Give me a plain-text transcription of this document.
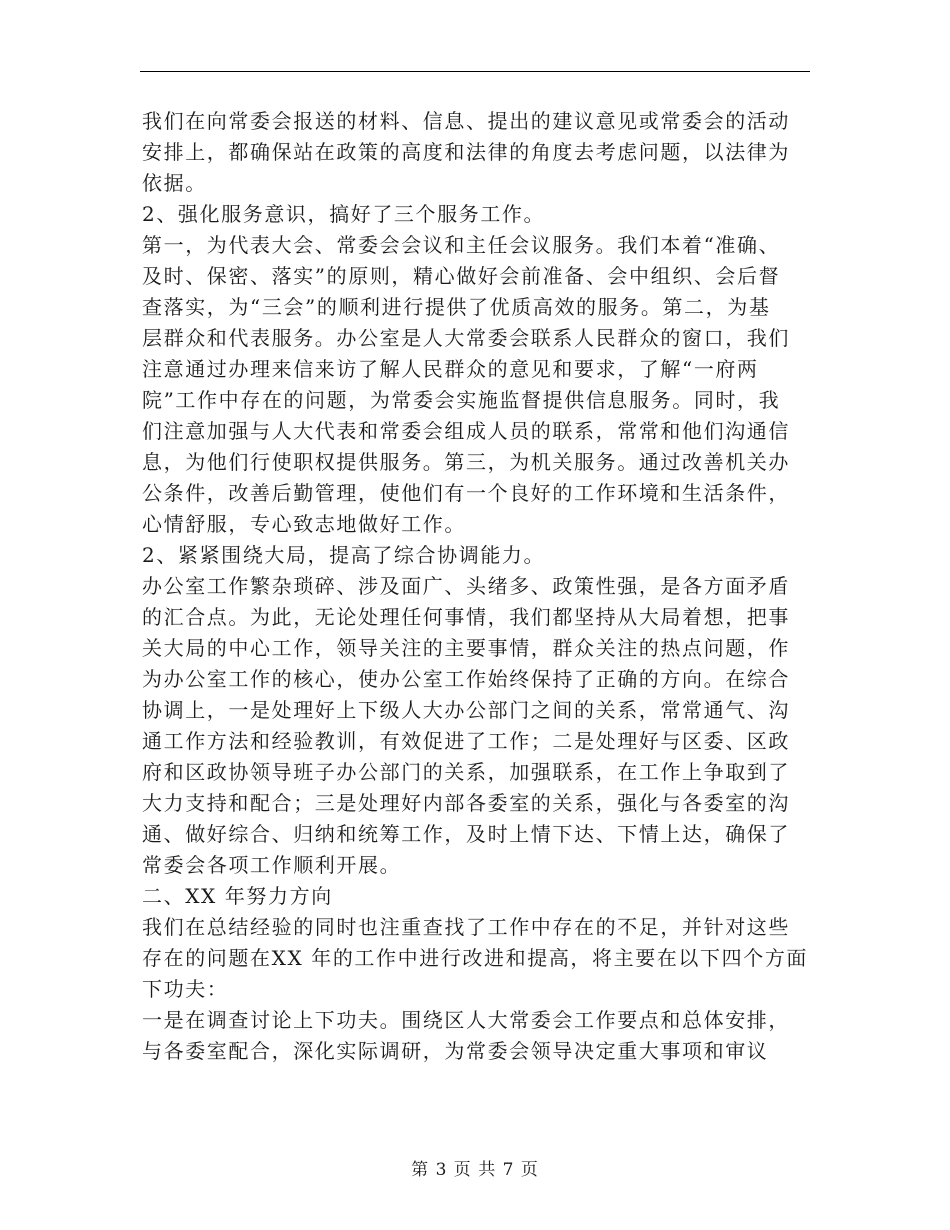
我们在向常委会报送的材料、信息、提出的建议意见或常委会的活动
安排上，都确保站在政策的高度和法律的角度去考虑问题，以法律为
依据。
2、强化服务意识，搞好了三个服务工作。
第一，为代表大会、常委会会议和主任会议服务。我们本着“准确、
及时、保密、落实”的原则，精心做好会前准备、会中组织、会后督
查落实，为“三会”的顺利进行提供了优质高效的服务。第二，为基
层群众和代表服务。办公室是人大常委会联系人民群众的窗口，我们
注意通过办理来信来访了解人民群众的意见和要求，了解“一府两
院”工作中存在的问题，为常委会实施监督提供信息服务。同时，我
们注意加强与人大代表和常委会组成人员的联系，常常和他们沟通信
息，为他们行使职权提供服务。第三，为机关服务。通过改善机关办
公条件，改善后勤管理，使他们有一个良好的工作环境和生活条件，
心情舒服，专心致志地做好工作。
2、紧紧围绕大局，提高了综合协调能力。
办公室工作繁杂琐碎、涉及面广、头绪多、政策性强，是各方面矛盾
的汇合点。为此，无论处理任何事情，我们都坚持从大局着想，把事
关大局的中心工作，领导关注的主要事情，群众关注的热点问题，作
为办公室工作的核心，使办公室工作始终保持了正确的方向。在综合
协调上，一是处理好上下级人大办公部门之间的关系，常常通气、沟
通工作方法和经验教训，有效促进了工作；二是处理好与区委、区政
府和区政协领导班子办公部门的关系，加强联系，在工作上争取到了
大力支持和配合；三是处理好内部各委室的关系，强化与各委室的沟
通、做好综合、归纳和统筹工作，及时上情下达、下情上达，确保了
常委会各项工作顺利开展。
二、XX 年努力方向
我们在总结经验的同时也注重查找了工作中存在的不足，并针对这些
存在的问题在XX 年的工作中进行改进和提高，将主要在以下四个方面
下功夫：
一是在调查讨论上下功夫。围绕区人大常委会工作要点和总体安排，
与各委室配合，深化实际调研，为常委会领导决定重大事项和审议
第 3 页 共 7 页
